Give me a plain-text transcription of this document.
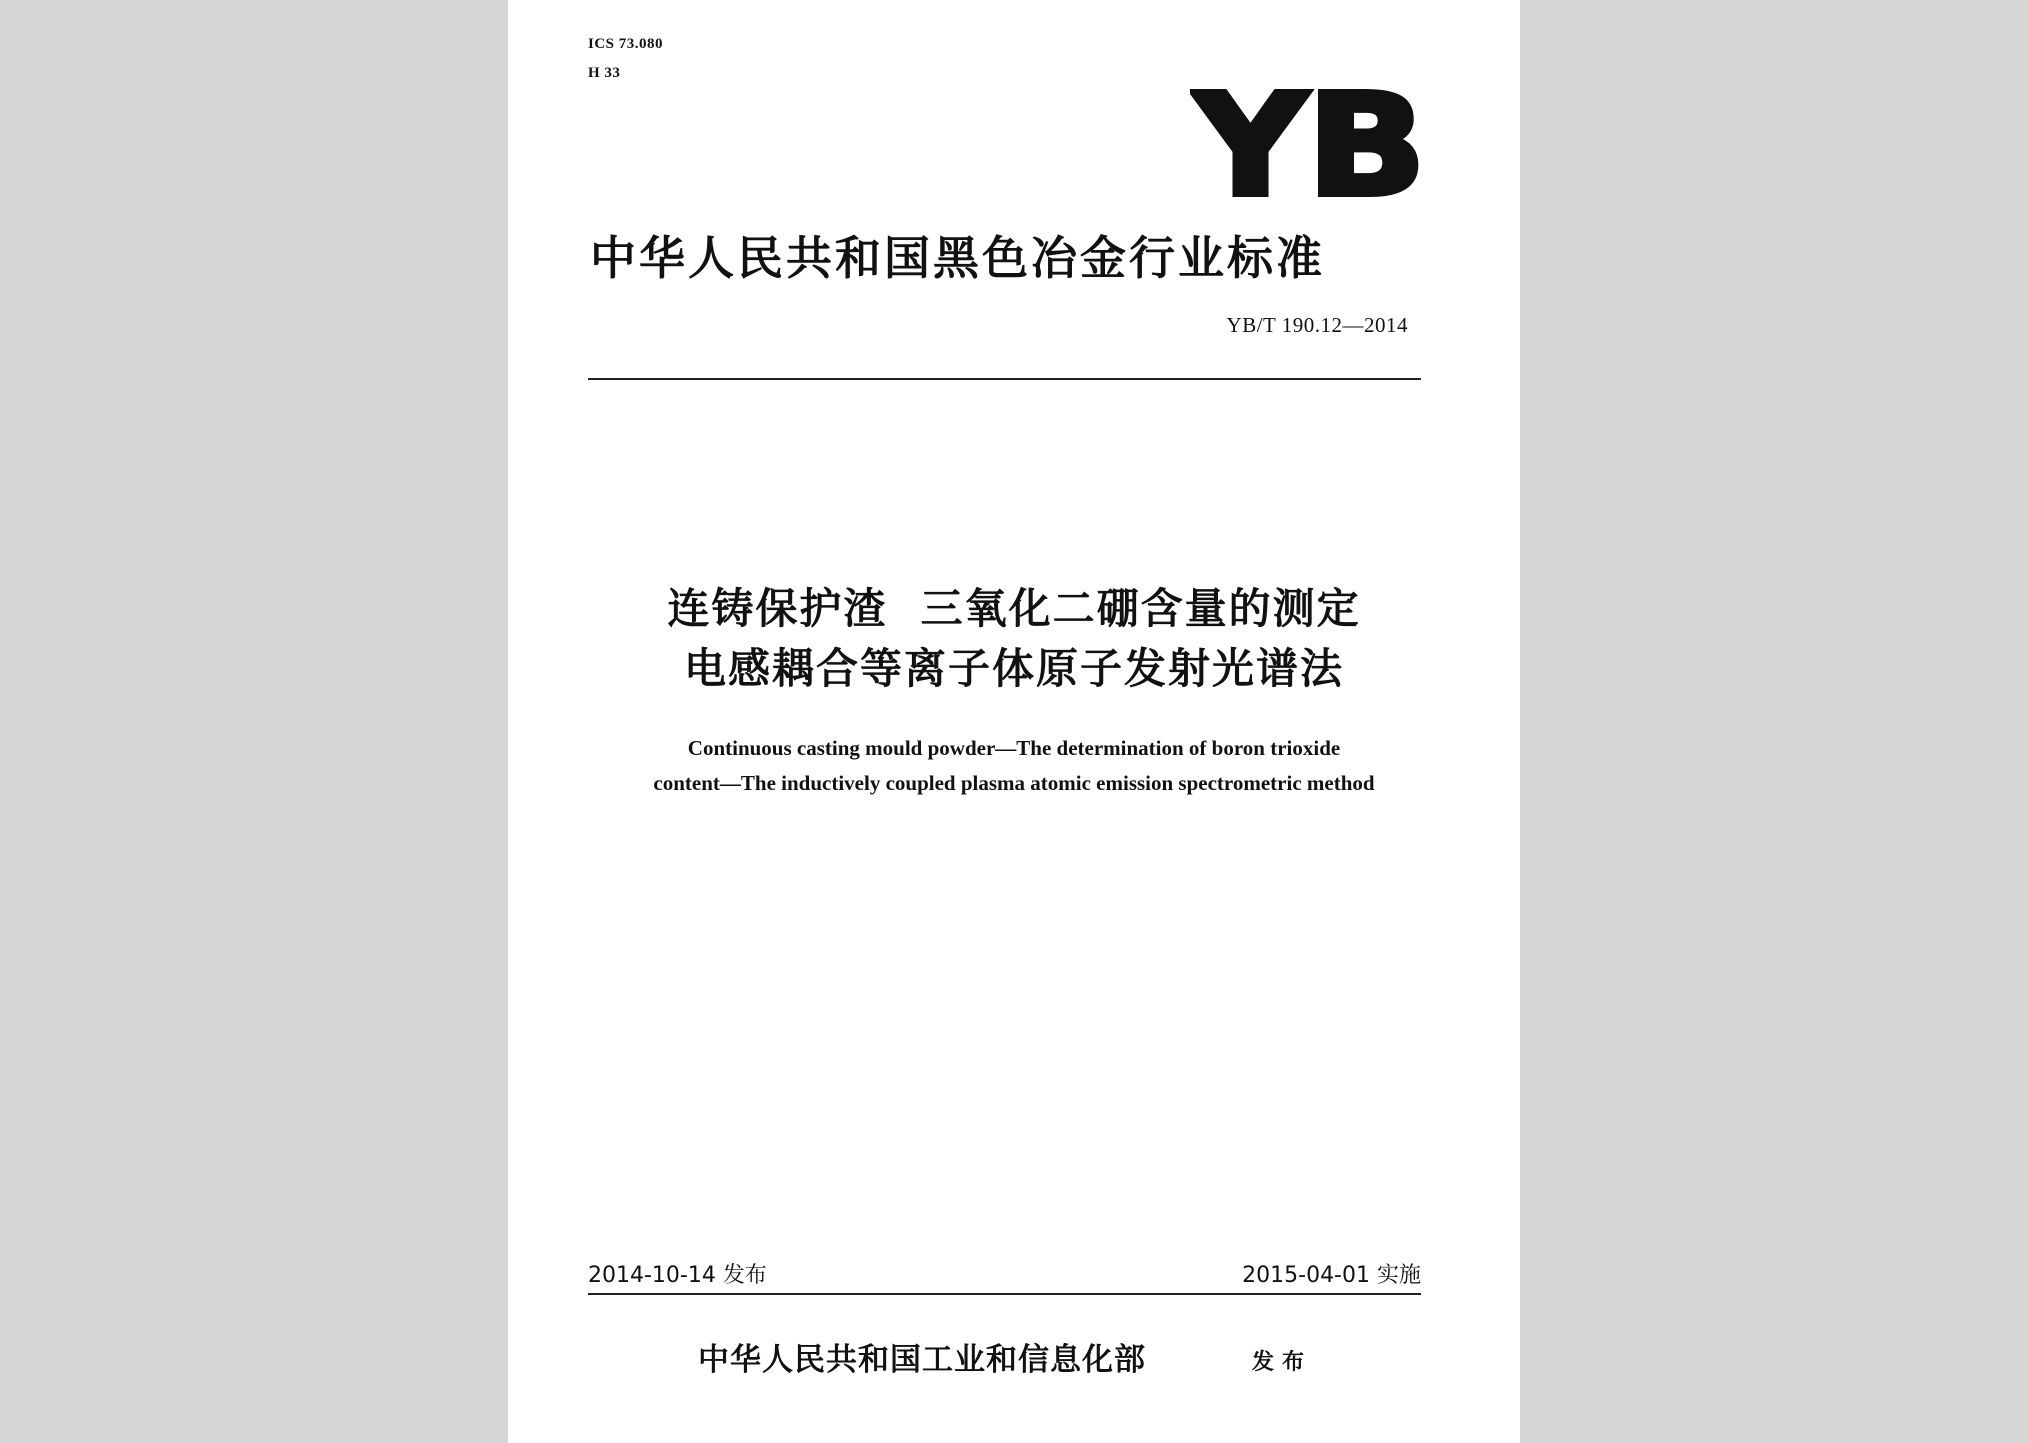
ICS 73.080
H 33	YB
中华人民共和国黑色冶金行业标准
YB/T 190.12—2014
连铸保护渣  三氧化二硼含量的测定
电感耦合等离子体原子发射光谱法
Continuous casting mould powder—The determination of boron trioxide
content—The inductively coupled plasma atomic emission spectrometric method
2014-10-14 发布	2015-04-01 实施
中华人民共和国工业和信息化部	发布
